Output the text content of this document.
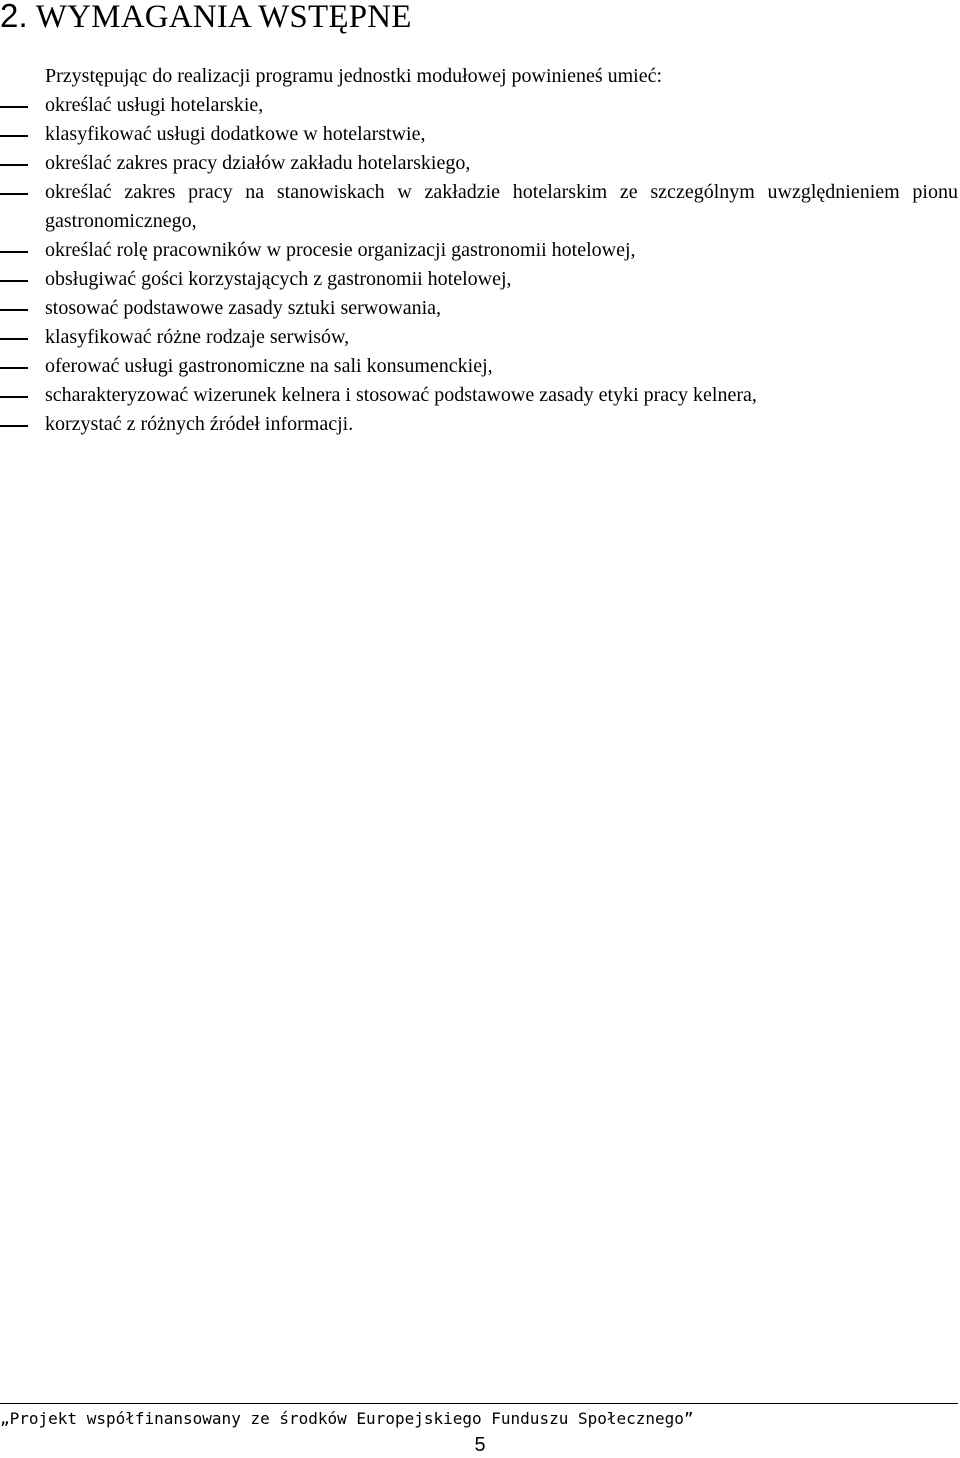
2. WYMAGANIA WSTĘPNE
Przystępując do realizacji programu jednostki modułowej powinieneś umieć:
określać usługi hotelarskie,
klasyfikować usługi dodatkowe w hotelarstwie,
określać zakres pracy działów zakładu hotelarskiego,
określać zakres pracy na stanowiskach w zakładzie hotelarskim ze szczególnym uwzględnieniem pionu gastronomicznego,
określać rolę pracowników w procesie organizacji gastronomii hotelowej,
obsługiwać gości korzystających z gastronomii hotelowej,
stosować podstawowe zasady sztuki serwowania,
klasyfikować różne rodzaje serwisów,
oferować usługi gastronomiczne na sali konsumenckiej,
scharakteryzować wizerunek kelnera i stosować podstawowe zasady etyki pracy kelnera,
korzystać z różnych źródeł informacji.
„Projekt współfinansowany ze środków Europejskiego Funduszu Społecznego”
5
